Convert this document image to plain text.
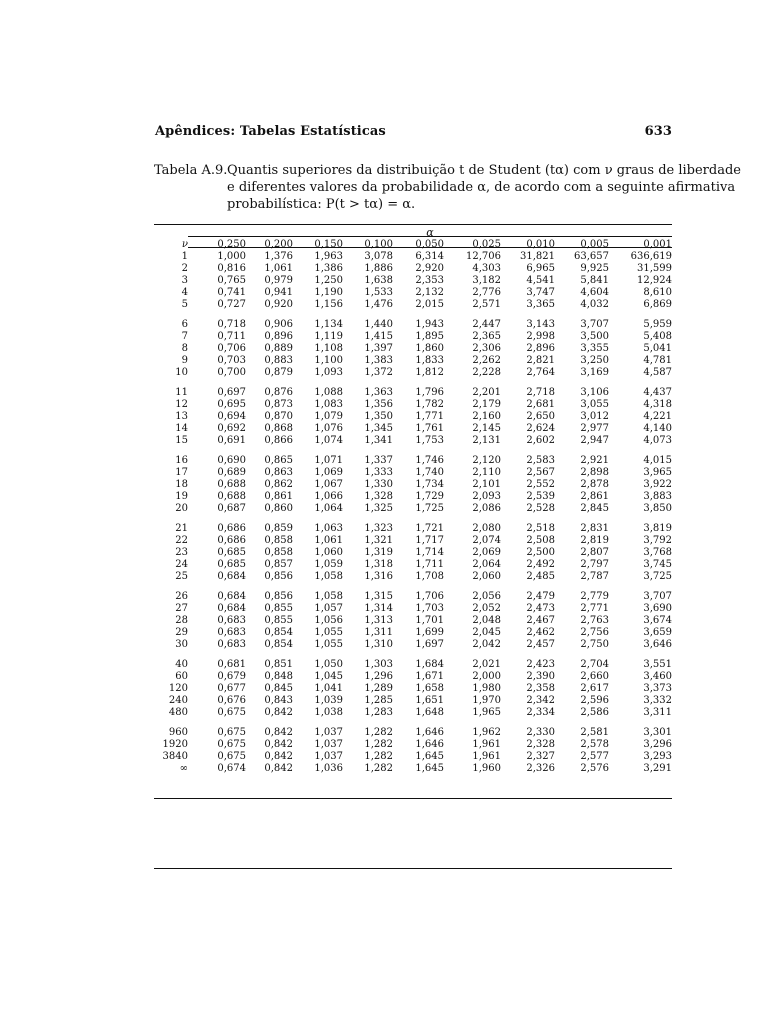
Apêndices: Tabelas Estatísticas	633
Tabela A.9. Quantis superiores da distribuição t de Student (tα) com ν graus de liberdade
e diferentes valores da probabilidade α, de acordo com a seguinte afirmativa
probabilística: P(t > tα) = α.
	α								
ν	0,250	0,200	0,150	0,100	0,050	0,025	0,010	0,005	0,001
1	1,000	1,376	1,963	3,078	6,314	12,706	31,821	63,657	636,619
2	0,816	1,061	1,386	1,886	2,920	4,303	6,965	9,925	31,599
3	0,765	0,979	1,250	1,638	2,353	3,182	4,541	5,841	12,924
4	0,741	0,941	1,190	1,533	2,132	2,776	3,747	4,604	8,610
5	0,727	0,920	1,156	1,476	2,015	2,571	3,365	4,032	6,869

6	0,718	0,906	1,134	1,440	1,943	2,447	3,143	3,707	5,959
7	0,711	0,896	1,119	1,415	1,895	2,365	2,998	3,500	5,408
8	0,706	0,889	1,108	1,397	1,860	2,306	2,896	3,355	5,041
9	0,703	0,883	1,100	1,383	1,833	2,262	2,821	3,250	4,781
10	0,700	0,879	1,093	1,372	1,812	2,228	2,764	3,169	4,587

11	0,697	0,876	1,088	1,363	1,796	2,201	2,718	3,106	4,437
12	0,695	0,873	1,083	1,356	1,782	2,179	2,681	3,055	4,318
13	0,694	0,870	1,079	1,350	1,771	2,160	2,650	3,012	4,221
14	0,692	0,868	1,076	1,345	1,761	2,145	2,624	2,977	4,140
15	0,691	0,866	1,074	1,341	1,753	2,131	2,602	2,947	4,073

16	0,690	0,865	1,071	1,337	1,746	2,120	2,583	2,921	4,015
17	0,689	0,863	1,069	1,333	1,740	2,110	2,567	2,898	3,965
18	0,688	0,862	1,067	1,330	1,734	2,101	2,552	2,878	3,922
19	0,688	0,861	1,066	1,328	1,729	2,093	2,539	2,861	3,883
20	0,687	0,860	1,064	1,325	1,725	2,086	2,528	2,845	3,850

21	0,686	0,859	1,063	1,323	1,721	2,080	2,518	2,831	3,819
22	0,686	0,858	1,061	1,321	1,717	2,074	2,508	2,819	3,792
23	0,685	0,858	1,060	1,319	1,714	2,069	2,500	2,807	3,768
24	0,685	0,857	1,059	1,318	1,711	2,064	2,492	2,797	3,745
25	0,684	0,856	1,058	1,316	1,708	2,060	2,485	2,787	3,725

26	0,684	0,856	1,058	1,315	1,706	2,056	2,479	2,779	3,707
27	0,684	0,855	1,057	1,314	1,703	2,052	2,473	2,771	3,690
28	0,683	0,855	1,056	1,313	1,701	2,048	2,467	2,763	3,674
29	0,683	0,854	1,055	1,311	1,699	2,045	2,462	2,756	3,659
30	0,683	0,854	1,055	1,310	1,697	2,042	2,457	2,750	3,646

40	0,681	0,851	1,050	1,303	1,684	2,021	2,423	2,704	3,551
60	0,679	0,848	1,045	1,296	1,671	2,000	2,390	2,660	3,460
120	0,677	0,845	1,041	1,289	1,658	1,980	2,358	2,617	3,373
240	0,676	0,843	1,039	1,285	1,651	1,970	2,342	2,596	3,332
480	0,675	0,842	1,038	1,283	1,648	1,965	2,334	2,586	3,311

960	0,675	0,842	1,037	1,282	1,646	1,962	2,330	2,581	3,301
1920	0,675	0,842	1,037	1,282	1,646	1,961	2,328	2,578	3,296
3840	0,675	0,842	1,037	1,282	1,645	1,961	2,327	2,577	3,293
∞	0,674	0,842	1,036	1,282	1,645	1,960	2,326	2,576	3,291
